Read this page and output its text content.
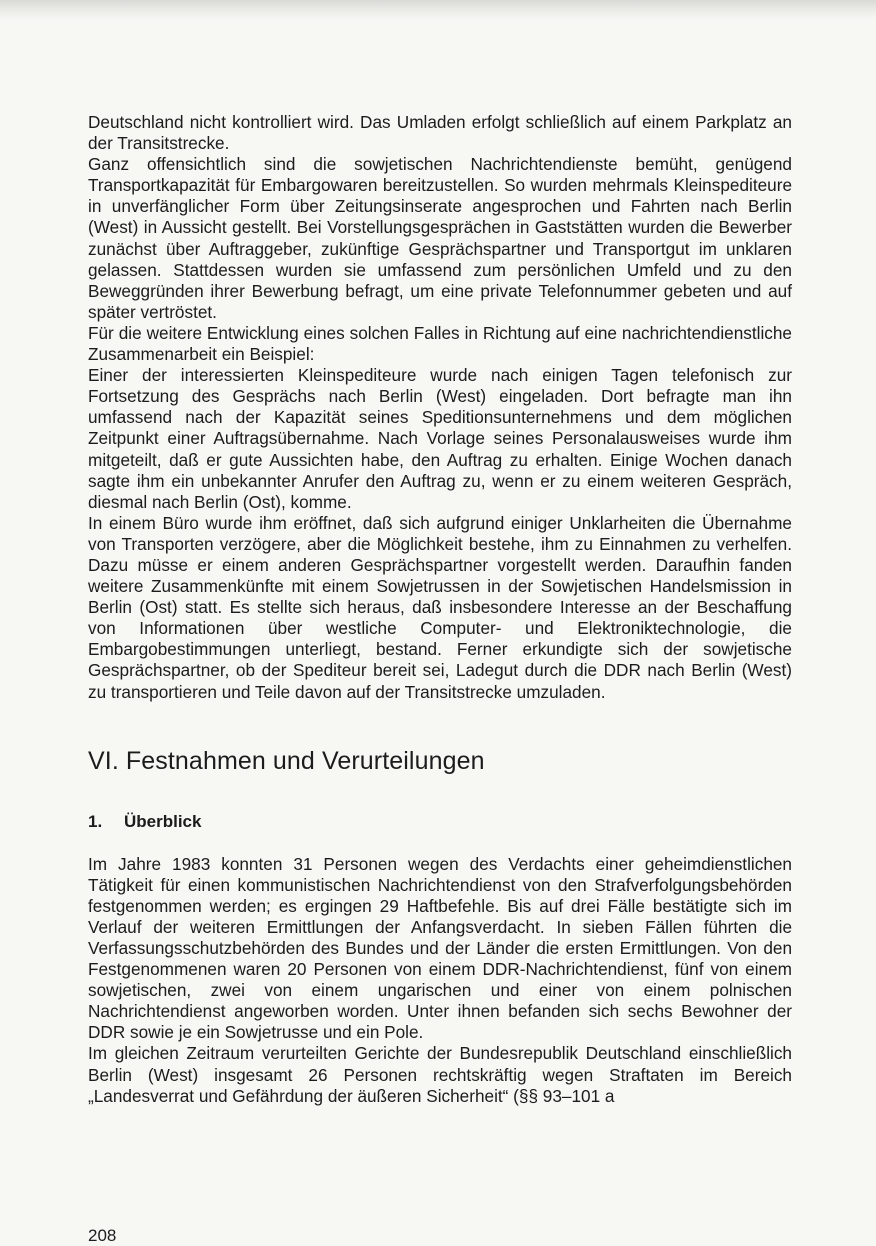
Deutschland nicht kontrolliert wird. Das Umladen erfolgt schließlich auf einem Parkplatz an der Transitstrecke.

Ganz offensichtlich sind die sowjetischen Nachrichtendienste bemüht, genügend Transportkapazität für Embargowaren bereitzustellen. So wurden mehrmals Kleinspediteure in unverfänglicher Form über Zeitungsinserate angesprochen und Fahrten nach Berlin (West) in Aussicht gestellt. Bei Vorstellungsgesprächen in Gaststätten wurden die Bewerber zunächst über Auftraggeber, zukünftige Gesprächspartner und Transportgut im unklaren gelassen. Stattdessen wurden sie umfassend zum persönlichen Umfeld und zu den Beweggründen ihrer Bewerbung befragt, um eine private Telefonnummer gebeten und auf später vertröstet.

Für die weitere Entwicklung eines solchen Falles in Richtung auf eine nachrichtendienstliche Zusammenarbeit ein Beispiel:

Einer der interessierten Kleinspediteure wurde nach einigen Tagen telefonisch zur Fortsetzung des Gesprächs nach Berlin (West) eingeladen. Dort befragte man ihn umfassend nach der Kapazität seines Speditionsunternehmens und dem möglichen Zeitpunkt einer Auftragsübernahme. Nach Vorlage seines Personalausweises wurde ihm mitgeteilt, daß er gute Aussichten habe, den Auftrag zu erhalten. Einige Wochen danach sagte ihm ein unbekannter Anrufer den Auftrag zu, wenn er zu einem weiteren Gespräch, diesmal nach Berlin (Ost), komme.

In einem Büro wurde ihm eröffnet, daß sich aufgrund einiger Unklarheiten die Übernahme von Transporten verzögere, aber die Möglichkeit bestehe, ihm zu Einnahmen zu verhelfen. Dazu müsse er einem anderen Gesprächspartner vorgestellt werden. Daraufhin fanden weitere Zusammenkünfte mit einem Sowjetrussen in der Sowjetischen Handelsmission in Berlin (Ost) statt. Es stellte sich heraus, daß insbesondere Interesse an der Beschaffung von Informationen über westliche Computer- und Elektroniktechnologie, die Embargobestimmungen unterliegt, bestand. Ferner erkundigte sich der sowjetische Gesprächspartner, ob der Spediteur bereit sei, Ladegut durch die DDR nach Berlin (West) zu transportieren und Teile davon auf der Transitstrecke umzuladen.

VI. Festnahmen und Verurteilungen
1. Überblick

Im Jahre 1983 konnten 31 Personen wegen des Verdachts einer geheimdienstlichen Tätigkeit für einen kommunistischen Nachrichtendienst von den Strafverfolgungsbehörden festgenommen werden; es ergingen 29 Haftbefehle. Bis auf drei Fälle bestätigte sich im Verlauf der weiteren Ermittlungen der Anfangsverdacht. In sieben Fällen führten die Verfassungsschutzbehörden des Bundes und der Länder die ersten Ermittlungen. Von den Festgenommenen waren 20 Personen von einem DDR-Nachrichtendienst, fünf von einem sowjetischen, zwei von einem ungarischen und einer von einem polnischen Nachrichtendienst angeworben worden. Unter ihnen befanden sich sechs Bewohner der DDR sowie je ein Sowjetrusse und ein Pole.

Im gleichen Zeitraum verurteilten Gerichte der Bundesrepublik Deutschland einschließlich Berlin (West) insgesamt 26 Personen rechtskräftig wegen Straftaten im Bereich „Landesverrat und Gefährdung der äußeren Sicherheit“ (§§ 93–101 a

208
